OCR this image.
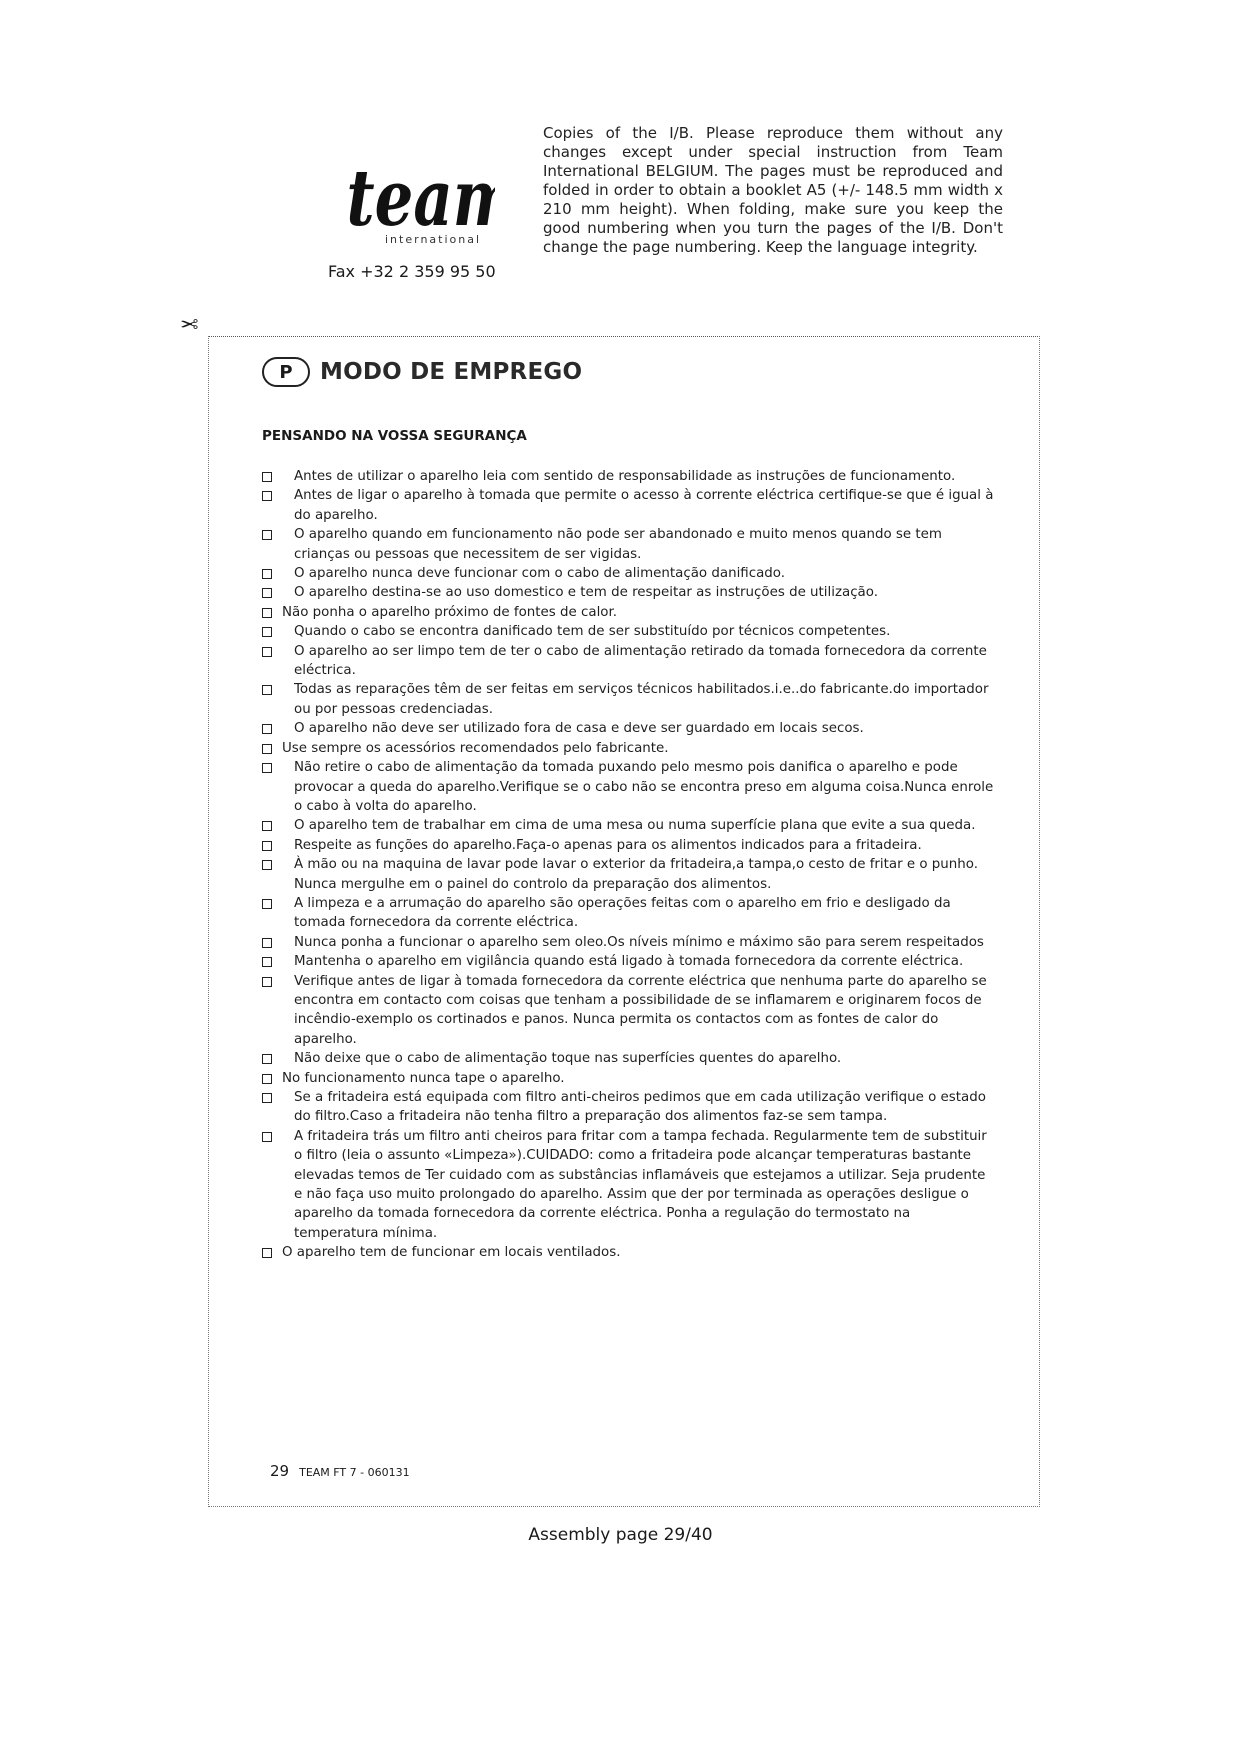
tea
international
Fax +32 2 359 95 50
Copies of the I/B. Please reproduce them without any changes except under special instruction from Team International BELGIUM. The pages must be reproduced and folded in order to obtain a booklet A5 (+/- 148.5 mm width x 210 mm height). When folding, make sure you keep the good numbering when you turn the pages of the I/B. Don't change the page numbering. Keep the language integrity.
✂
P	MODO DE EMPREGO
PENSANDO NA VOSSA SEGURANÇA
Antes de utilizar o aparelho leia com sentido de responsabilidade as instruções de funcionamento.
Antes de ligar o aparelho à tomada que permite o acesso à corrente eléctrica certifique-se que é igual à do aparelho.
O aparelho quando em funcionamento não pode ser abandonado e muito menos quando se tem crianças ou pessoas que necessitem de ser vigidas.
O aparelho nunca deve funcionar com o cabo de alimentação danificado.
O aparelho destina-se ao uso domestico e tem de respeitar as instruções de utilização.
Não ponha o aparelho próximo de fontes de calor.
Quando o cabo se encontra danificado tem de ser substituído por técnicos competentes.
O aparelho ao ser limpo tem de ter o cabo de alimentação retirado da tomada fornecedora da corrente eléctrica.
Todas as reparações têm de ser feitas em serviços técnicos habilitados.i.e..do fabricante.do importador ou por pessoas credenciadas.
O aparelho não deve ser utilizado fora de casa e deve ser guardado em locais secos.
Use sempre os acessórios recomendados pelo fabricante.
Não retire o cabo de alimentação da tomada puxando pelo mesmo pois danifica o aparelho e pode provocar a queda do aparelho.Verifique se o cabo não se encontra preso em alguma coisa.Nunca enrole o cabo à volta do aparelho.
O aparelho tem de trabalhar em cima de uma mesa ou numa superfície plana que evite a sua queda.
Respeite as funções do aparelho.Faça-o apenas para os alimentos indicados para a fritadeira.
À mão ou na maquina de lavar pode lavar o exterior da fritadeira,a tampa,o cesto de fritar e o punho. Nunca mergulhe em o painel do controlo da preparação dos alimentos.
A limpeza e a arrumação do aparelho são operações feitas com o aparelho em frio e desligado da tomada fornecedora da corrente eléctrica.
Nunca ponha a funcionar o aparelho sem oleo.Os níveis mínimo e máximo são para serem respeitados
Mantenha o aparelho em vigilância quando está ligado à tomada fornecedora da corrente eléctrica.
Verifique antes de ligar à tomada fornecedora da corrente eléctrica que nenhuma parte do aparelho se encontra em contacto com coisas que tenham a possibilidade de se inflamarem e originarem focos de incêndio-exemplo os cortinados e panos. Nunca permita os contactos com as fontes de calor do aparelho.
Não deixe que o cabo de alimentação toque nas superfícies quentes do aparelho.
No funcionamento nunca tape o aparelho.
Se a fritadeira está equipada com filtro anti-cheiros pedimos que em cada utilização verifique o estado do filtro.Caso a fritadeira não tenha filtro a preparação dos alimentos faz-se sem tampa.
A fritadeira trás um filtro anti cheiros para fritar com a tampa fechada. Regularmente tem de substituir o filtro (leia o assunto «Limpeza»).CUIDADO: como a fritadeira pode alcançar temperaturas bastante elevadas temos de Ter cuidado com as substâncias inflamáveis que estejamos a utilizar. Seja prudente e não faça uso muito prolongado do aparelho. Assim que der por terminada as operações desligue o aparelho da tomada fornecedora da corrente eléctrica. Ponha a regulação do termostato na temperatura mínima.
O aparelho tem de funcionar em locais ventilados.
29 TEAM FT 7 - 060131
Assembly page 29/40
